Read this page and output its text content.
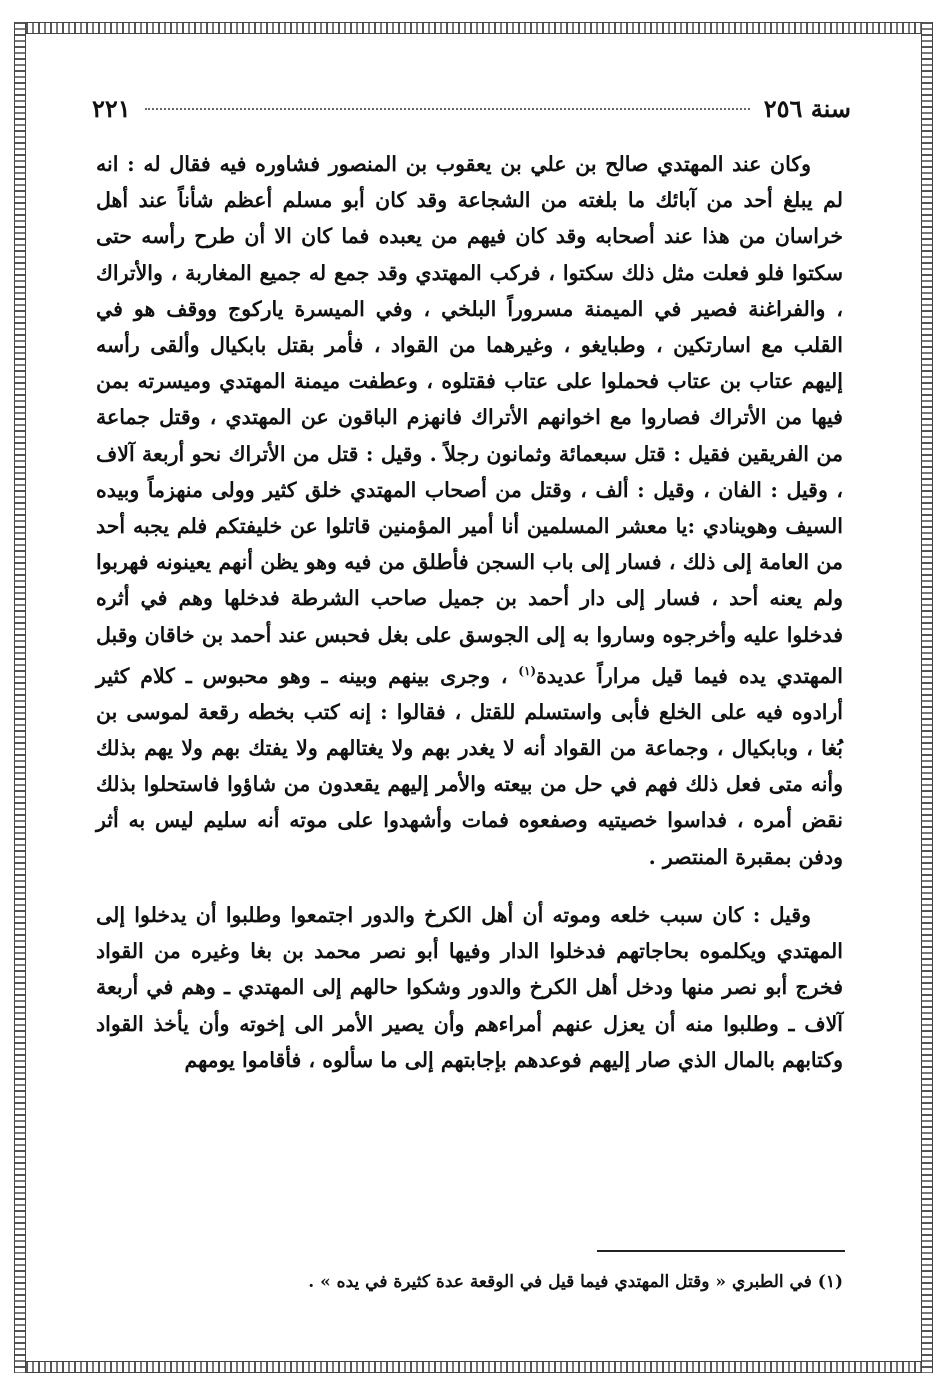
سنة ٢٥٦
٢٢١

وكان عند المهتدي صالح بن علي بن يعقوب بن المنصور فشاوره فيه فقال له : انه لم يبلغ أحد من آبائك ما بلغته من الشجاعة وقد كان أبو مسلم أعظم شأناً عند أهل خراسان من هذا عند أصحابه وقد كان فيهم من يعبده فما كان الا أن طرح رأسه حتى سكتوا فلو فعلت مثل ذلك سكتوا ، فركب المهتدي وقد جمع له جميع المغاربة ، والأتراك ، والفراغنة فصير في الميمنة مسروراً البلخي ، وفي الميسرة ياركوج ووقف هو في القلب مع اسارتكين ، وطبايغو ، وغيرهما من القواد ، فأمر بقتل بابكيال وألقى رأسه إليهم عتاب بن عتاب فحملوا على عتاب فقتلوه ، وعطفت ميمنة المهتدي وميسرته بمن فيها من الأتراك فصاروا مع اخوانهم الأتراك فانهزم الباقون عن المهتدي ، وقتل جماعة من الفريقين فقيل : قتل سبعمائة وثمانون رجلاً . وقيل : قتل من الأتراك نحو أربعة آلاف ، وقيل : الفان ، وقيل : ألف ، وقتل من أصحاب المهتدي خلق كثير وولى منهزماً وبيده السيف وهوينادي :يا معشر المسلمين أنا أمير المؤمنين قاتلوا عن خليفتكم فلم يجبه أحد من العامة إلى ذلك ، فسار إلى باب السجن فأطلق من فيه وهو يظن أنهم يعينونه فهربوا ولم يعنه أحد ، فسار إلى دار أحمد بن جميل صاحب الشرطة فدخلها وهم في أثره فدخلوا عليه وأخرجوه وساروا به إلى الجوسق على بغل فحبس عند أحمد بن خاقان وقبل المهتدي يده فيما قيل مراراً عديدة$^{(١)}$ ، وجرى بينهم وبينه ـ وهو محبوس ـ كلام كثير أرادوه فيه على الخلع فأبى واستسلم للقتل ، فقالوا : إنه كتب بخطه رقعة لموسى بن بُغا ، وبابكيال ، وجماعة من القواد أنه لا يغدر بهم ولا يغتالهم ولا يفتك بهم ولا يهم بذلك وأنه متى فعل ذلك فهم في حل من بيعته والأمر إليهم يقعدون من شاؤوا فاستحلوا بذلك نقض أمره ، فداسوا خصيتيه وصفعوه فمات وأشهدوا على موته أنه سليم ليس به أثر ودفن بمقبرة المنتصر .

وقيل : كان سبب خلعه وموته أن أهل الكرخ والدور اجتمعوا وطلبوا أن يدخلوا إلى المهتدي ويكلموه بحاجاتهم فدخلوا الدار وفيها أبو نصر محمد بن بغا وغيره من القواد فخرج أبو نصر منها ودخل أهل الكرخ والدور وشكوا حالهم إلى المهتدي ـ وهم في أربعة آلاف ـ وطلبوا منه أن يعزل عنهم أمراءهم وأن يصير الأمر الى إخوته وأن يأخذ القواد وكتابهم بالمال الذي صار إليهم فوعدهم بإجابتهم إلى ما سألوه ، فأقاموا يومهم

(١) في الطبري « وقتل المهتدي فيما قيل في الوقعة عدة كثيرة في يده » .
